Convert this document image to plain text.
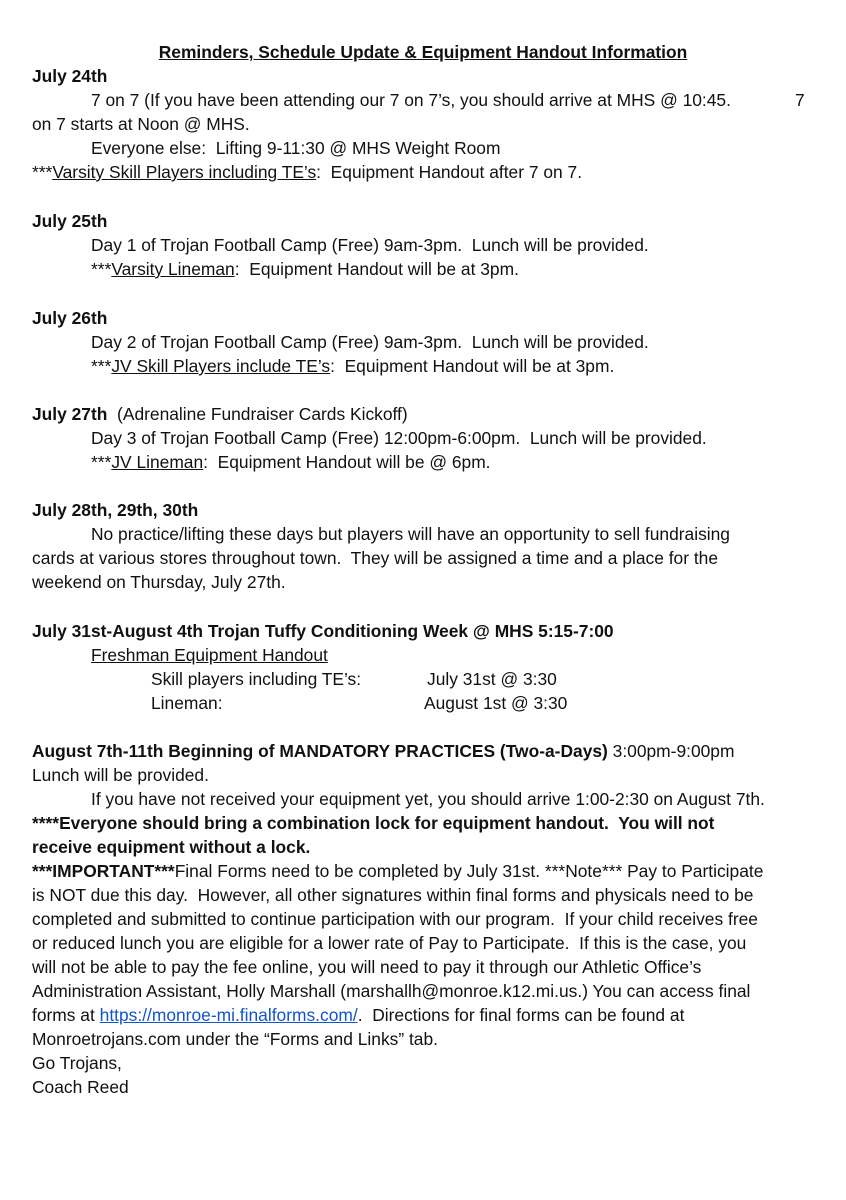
Reminders, Schedule Update & Equipment Handout Information
July 24th
7 on 7 (If you have been attending our 7 on 7’s, you should arrive at MHS @ 10:45.	7
on 7 starts at Noon @ MHS.
Everyone else:  Lifting 9-11:30 @ MHS Weight Room
***Varsity Skill Players including TE’s:  Equipment Handout after 7 on 7.
July 25th
Day 1 of Trojan Football Camp (Free) 9am-3pm.  Lunch will be provided.
***Varsity Lineman:  Equipment Handout will be at 3pm.
July 26th
Day 2 of Trojan Football Camp (Free) 9am-3pm.  Lunch will be provided.
***JV Skill Players include TE’s:  Equipment Handout will be at 3pm.
July 27th  (Adrenaline Fundraiser Cards Kickoff)
Day 3 of Trojan Football Camp (Free) 12:00pm-6:00pm.  Lunch will be provided.
***JV Lineman:  Equipment Handout will be @ 6pm.
July 28th, 29th, 30th
No practice/lifting these days but players will have an opportunity to sell fundraising
cards at various stores throughout town.  They will be assigned a time and a place for the
weekend on Thursday, July 27th.
July 31st-August 4th Trojan Tuffy Conditioning Week @ MHS 5:15-7:00
Freshman Equipment Handout
Skill players including TE’s:	July 31st @ 3:30
Lineman:	August 1st @ 3:30
August 7th-11th Beginning of MANDATORY PRACTICES (Two-a-Days) 3:00pm-9:00pm
Lunch will be provided.
If you have not received your equipment yet, you should arrive 1:00-2:30 on August 7th.
****Everyone should bring a combination lock for equipment handout.  You will not
receive equipment without a lock.
***IMPORTANT***Final Forms need to be completed by July 31st. ***Note*** Pay to Participate
is NOT due this day.  However, all other signatures within final forms and physicals need to be
completed and submitted to continue participation with our program.  If your child receives free
or reduced lunch you are eligible for a lower rate of Pay to Participate.  If this is the case, you
will not be able to pay the fee online, you will need to pay it through our Athletic Office’s
Administration Assistant, Holly Marshall (marshallh@monroe.k12.mi.us.) You can access final
forms at https://monroe-mi.finalforms.com/.  Directions for final forms can be found at
Monroetrojans.com under the “Forms and Links” tab.
Go Trojans,
Coach Reed
